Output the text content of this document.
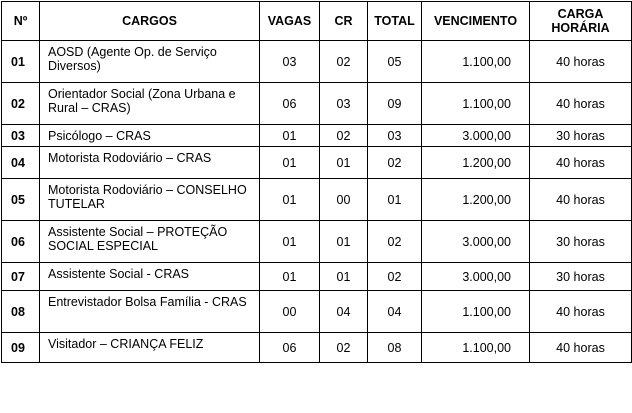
Nº	CARGOS	VAGAS	CR	TOTAL	VENCIMENTO	CARGA
HORÁRIA

01	AOSD (Agente Op. de Serviço Diversos)	03	02	05	1.100,00	40 horas
02	Orientador Social (Zona Urbana e Rural – CRAS)	06	03	09	1.100,00	40 horas
03	Psicólogo – CRAS	01	02	03	3.000,00	30 horas
04	Motorista Rodoviário – CRAS	01	01	02	1.200,00	40 horas
05	Motorista Rodoviário – CONSELHO TUTELAR	01	00	01	1.200,00	40 horas
06	Assistente Social – PROTEÇÃO SOCIAL ESPECIAL	01	01	02	3.000,00	30 horas
07	Assistente Social - CRAS	01	01	02	3.000,00	30 horas
08	Entrevistador Bolsa Família - CRAS	00	04	04	1.100,00	40 horas
09	Visitador – CRIANÇA FELIZ	06	02	08	1.100,00	40 horas
